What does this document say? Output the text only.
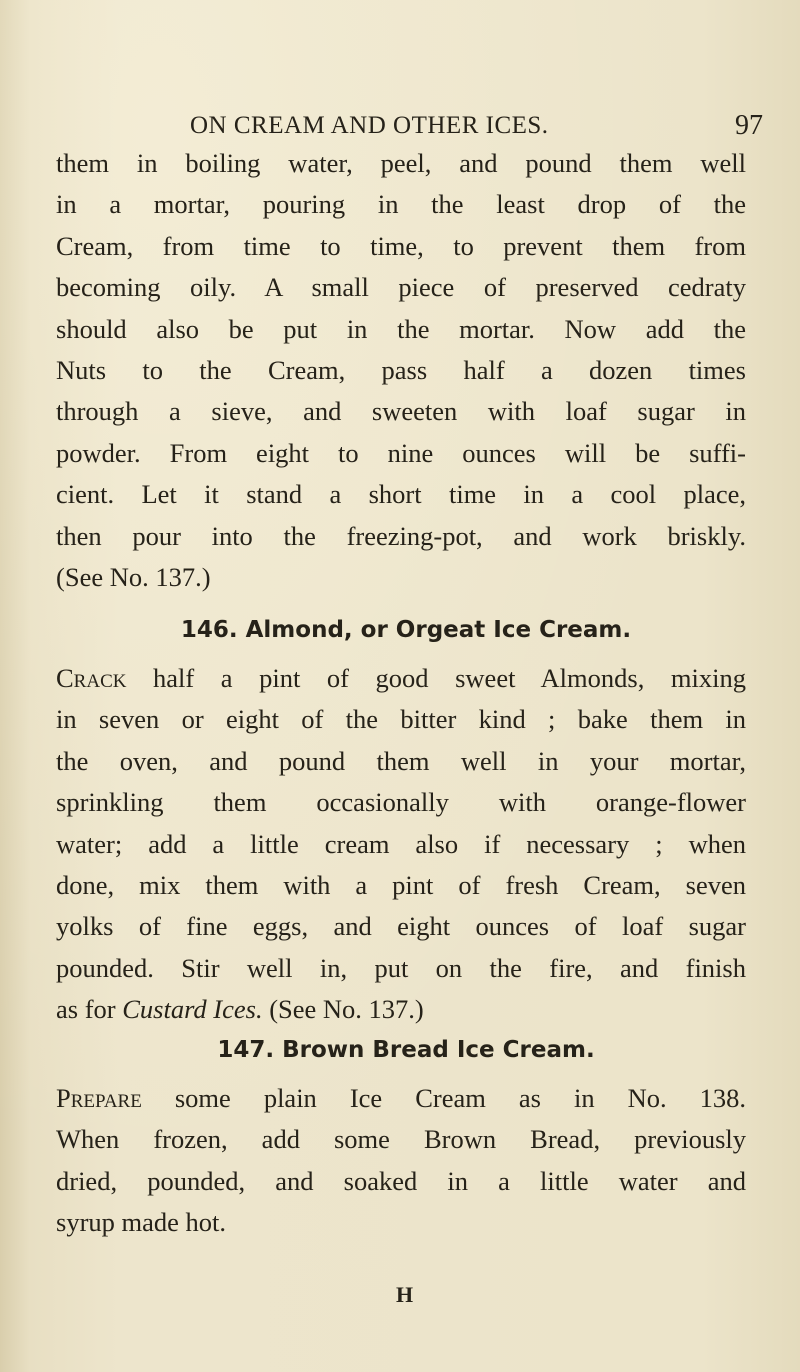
ON CREAM AND OTHER ICES.	97
them in boiling water, peel, and pound them well
in a mortar, pouring in the least drop of the
Cream, from time to time, to prevent them from
becoming oily. A small piece of preserved cedraty
should also be put in the mortar. Now add the
Nuts to the Cream, pass half a dozen times
through a sieve, and sweeten with loaf sugar in
powder. From eight to nine ounces will be suffi-
cient. Let it stand a short time in a cool place,
then pour into the freezing-pot, and work briskly.
(See No. 137.)
146. Almond, or Orgeat Ice Cream.
Crack half a pint of good sweet Almonds, mixing
in seven or eight of the bitter kind ; bake them in
the oven, and pound them well in your mortar,
sprinkling them occasionally with orange-flower
water; add a little cream also if necessary ; when
done, mix them with a pint of fresh Cream, seven
yolks of fine eggs, and eight ounces of loaf sugar
pounded. Stir well in, put on the fire, and finish
as for Custard Ices. (See No. 137.)
147. Brown Bread Ice Cream.
Prepare some plain Ice Cream as in No. 138.
When frozen, add some Brown Bread, previously
dried, pounded, and soaked in a little water and
syrup made hot.
H
